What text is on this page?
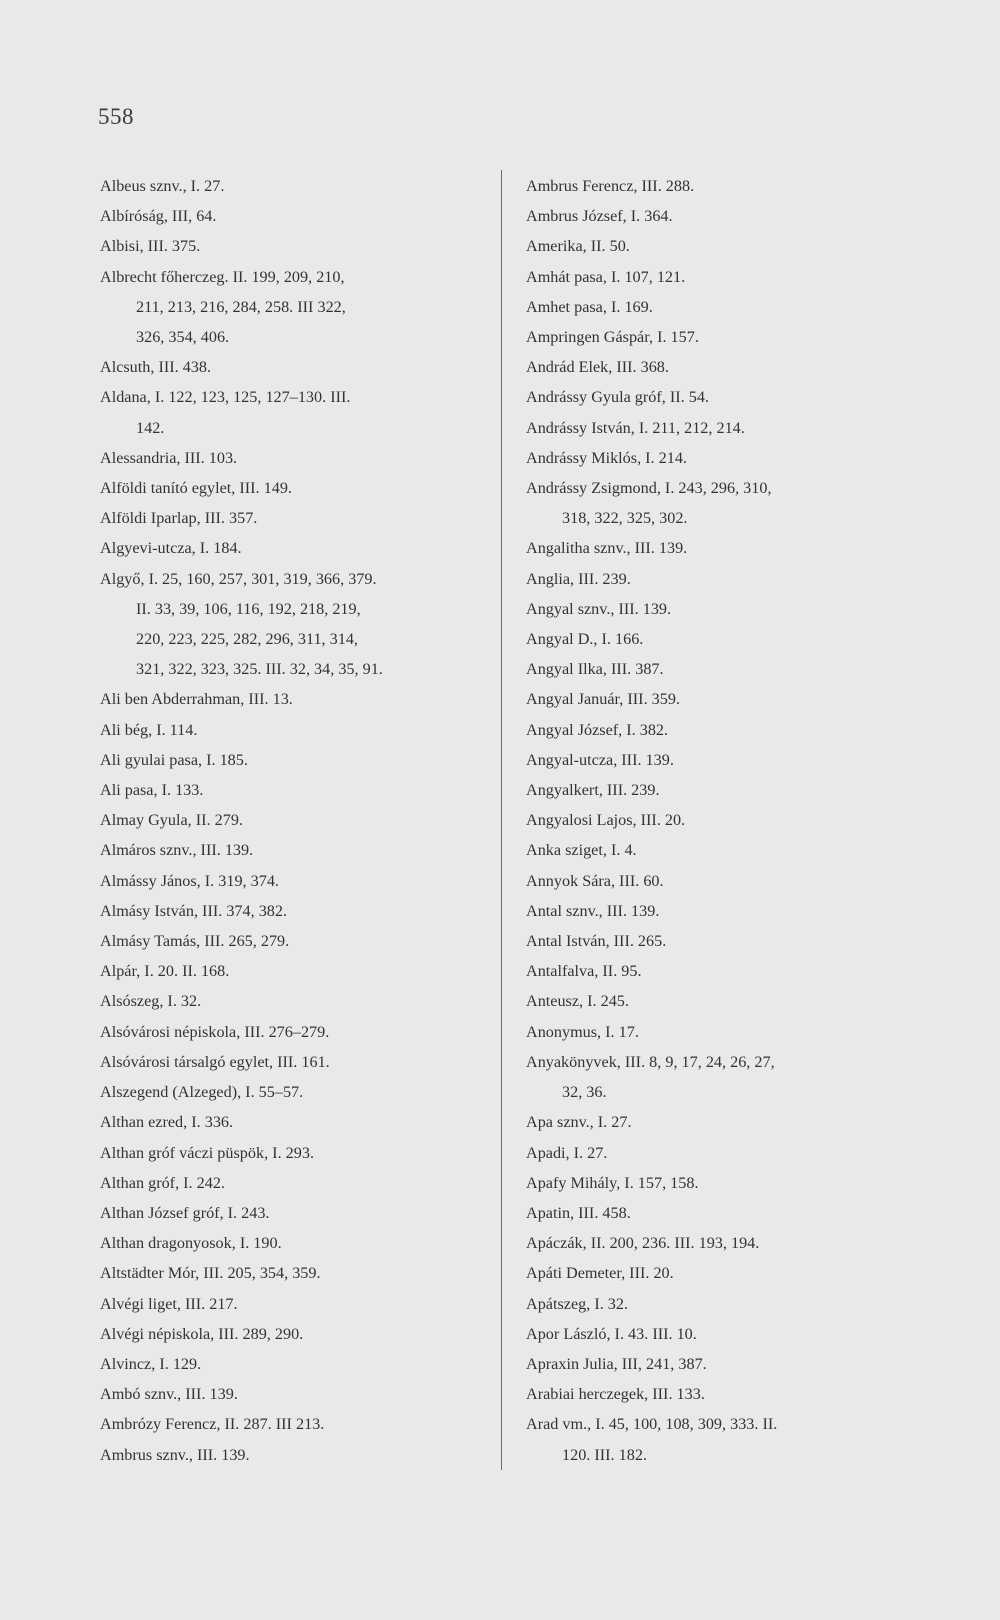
558
Albeus sznv., I. 27.
Albíróság, III, 64.
Albisi, III. 375.
Albrecht főherczeg. II. 199, 209, 210,
211, 213, 216, 284, 258. III 322,
326, 354, 406.
Alcsuth, III. 438.
Aldana, I. 122, 123, 125, 127–130. III.
142.
Alessandria, III. 103.
Alföldi tanító egylet, III. 149.
Alföldi Iparlap, III. 357.
Algyevi-utcza, I. 184.
Algyő, I. 25, 160, 257, 301, 319, 366, 379.
II. 33, 39, 106, 116, 192, 218, 219,
220, 223, 225, 282, 296, 311, 314,
321, 322, 323, 325. III. 32, 34, 35, 91.
Ali ben Abderrahman, III. 13.
Ali bég, I. 114.
Ali gyulai pasa, I. 185.
Ali pasa, I. 133.
Almay Gyula, II. 279.
Almáros sznv., III. 139.
Almássy János, I. 319, 374.
Almásy István, III. 374, 382.
Almásy Tamás, III. 265, 279.
Alpár, I. 20. II. 168.
Alsószeg, I. 32.
Alsóvárosi népiskola, III. 276–279.
Alsóvárosi társalgó egylet, III. 161.
Alszegend (Alzeged), I. 55–57.
Althan ezred, I. 336.
Althan gróf váczi püspök, I. 293.
Althan gróf, I. 242.
Althan József gróf, I. 243.
Althan dragonyosok, I. 190.
Altstädter Mór, III. 205, 354, 359.
Alvégi liget, III. 217.
Alvégi népiskola, III. 289, 290.
Alvincz, I. 129.
Ambó sznv., III. 139.
Ambrózy Ferencz, II. 287. III 213.
Ambrus sznv., III. 139.
Ambrus Ferencz, III. 288.
Ambrus József, I. 364.
Amerika, II. 50.
Amhát pasa, I. 107, 121.
Amhet pasa, I. 169.
Ampringen Gáspár, I. 157.
Andrád Elek, III. 368.
Andrássy Gyula gróf, II. 54.
Andrássy István, I. 211, 212, 214.
Andrássy Miklós, I. 214.
Andrássy Zsigmond, I. 243, 296, 310,
318, 322, 325, 302.
Angalitha sznv., III. 139.
Anglia, III. 239.
Angyal sznv., III. 139.
Angyal D., I. 166.
Angyal Ilka, III. 387.
Angyal Január, III. 359.
Angyal József, I. 382.
Angyal-utcza, III. 139.
Angyalkert, III. 239.
Angyalosi Lajos, III. 20.
Anka sziget, I. 4.
Annyok Sára, III. 60.
Antal sznv., III. 139.
Antal István, III. 265.
Antalfalva, II. 95.
Anteusz, I. 245.
Anonymus, I. 17.
Anyakönyvek, III. 8, 9, 17, 24, 26, 27,
32, 36.
Apa sznv., I. 27.
Apadi, I. 27.
Apafy Mihály, I. 157, 158.
Apatin, III. 458.
Apáczák, II. 200, 236. III. 193, 194.
Apáti Demeter, III. 20.
Apátszeg, I. 32.
Apor László, I. 43. III. 10.
Apraxin Julia, III, 241, 387.
Arabiai herczegek, III. 133.
Arad vm., I. 45, 100, 108, 309, 333. II.
120. III. 182.
